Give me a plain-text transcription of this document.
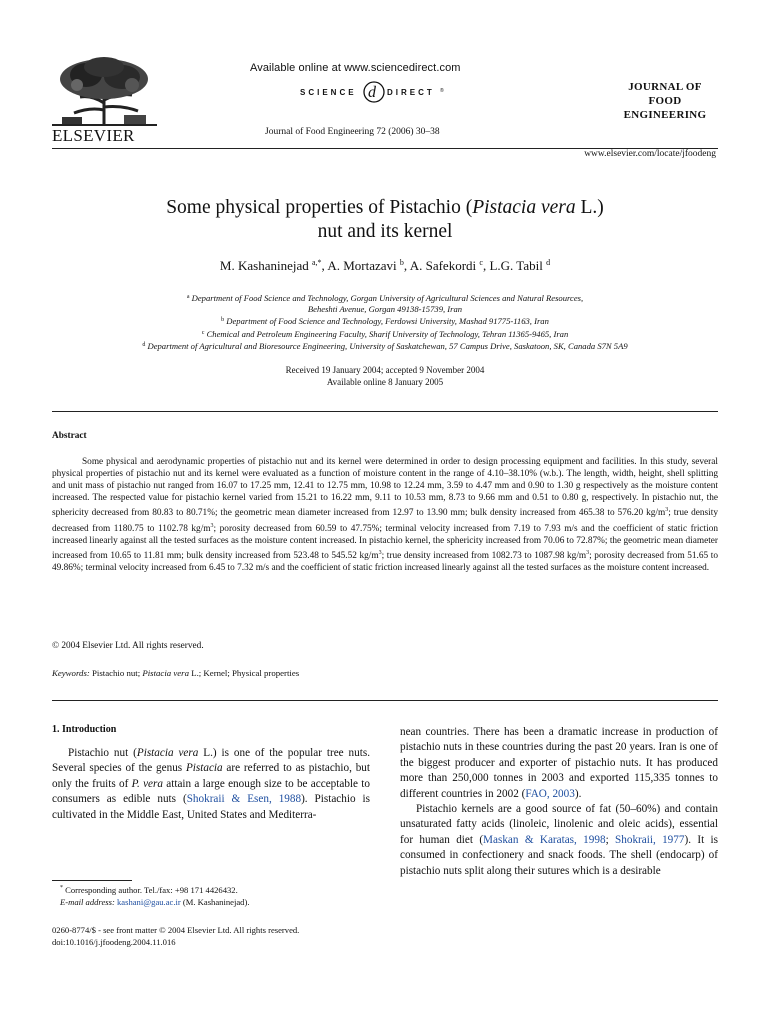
ELSEVIER
Available online at www.sciencedirect.com
SCIENCE d DIRECT ®
Journal of Food Engineering 72 (2006) 30–38
JOURNAL OF
FOOD
ENGINEERING
www.elsevier.com/locate/jfoodeng
Some physical properties of Pistachio (Pistacia vera L.)
nut and its kernel
M. Kashaninejad $^{a,*}$, A. Mortazavi $^b$, A. Safekordi $^c$, L.G. Tabil $^d$
$^a$ Department of Food Science and Technology, Gorgan University of Agricultural Sciences and Natural Resources,
Beheshti Avenue, Gorgan 49138-15739, Iran
$^b$ Department of Food Science and Technology, Ferdowsi University, Mashad 91775-1163, Iran
$^c$ Chemical and Petroleum Engineering Faculty, Sharif University of Technology, Tehran 11365-9465, Iran
$^d$ Department of Agricultural and Bioresource Engineering, University of Saskatchewan, 57 Campus Drive, Saskatoon, SK, Canada S7N 5A9
Received 19 January 2004; accepted 9 November 2004
Available online 8 January 2005
Abstract

Some physical and aerodynamic properties of pistachio nut and its kernel were determined in order to design processing equipment and facilities. In this study, several physical properties of pistachio nut and its kernel were evaluated as a function of moisture content in the range of 4.10–38.10% (w.b.). The length, width, height, shell splitting and unit mass of pistachio nut ranged from 16.07 to 17.25 mm, 12.41 to 12.75 mm, 10.98 to 12.24 mm, 3.59 to 4.47 mm and 0.90 to 1.30 g respectively as the moisture content increased. The respected value for pistachio kernel varied from 15.21 to 16.22 mm, 9.11 to 10.53 mm, 8.73 to 9.66 mm and 0.51 to 0.80 g, respectively. In pistachio nut, the sphericity decreased from 80.83 to 80.71%; the geometric mean diameter increased from 12.97 to 13.90 mm; bulk density increased from 465.38 to 576.20 $kg/m^3$; true density decreased from 1180.75 to 1102.78 $kg/m^3$; porosity decreased from 60.59 to 47.75%; terminal velocity increased from 7.19 to 7.93 m/s and the coefficient of static friction increased linearly against all the tested surfaces as the moisture content increased. In pistachio kernel, the sphericity increased from 70.06 to 72.87%; the geometric mean diameter increased from 10.65 to 11.81 mm; bulk density increased from 523.48 to 545.52 $kg/m^3$; true density increased from 1082.73 to 1087.98 $kg/m^3$; porosity decreased from 51.65 to 49.86%; terminal velocity increased from 6.45 to 7.32 m/s and the coefficient of static friction increased linearly against all the tested surfaces as the moisture content increased.

© 2004 Elsevier Ltd. All rights reserved.
Keywords: Pistachio nut; Pistacia vera L.; Kernel; Physical properties
1. Introduction

Pistachio nut (Pistacia vera L.) is one of the popular tree nuts. Several species of the genus Pistacia are referred to as pistachio, but only the fruits of P. vera attain a large enough size to be acceptable to consumers as edible nuts (Shokraii & Esen, 1988). Pistachio is cultivated in the Middle East, United States and Mediterra-

nean countries. There has been a dramatic increase in production of pistachio nuts in these countries during the past 20 years. Iran is one of the biggest producer and exporter of pistachio nuts. It has produced more than 250,000 tonnes in 2003 and exported 115,335 tonnes to different countries in 2002 (FAO, 2003).

Pistachio kernels are a good source of fat (50–60%) and contain unsaturated fatty acids (linoleic, linolenic and oleic acids), essential for human diet (Maskan & Karatas, 1998; Shokraii, 1977). It is consumed in confectionery and snack foods. The shell (endocarp) of pistachio nuts split along their sutures which is a desirable

* Corresponding author. Tel./fax: +98 171 4426432.
E-mail address: kashani@gau.ac.ir (M. Kashaninejad).
0260-8774/$ - see front matter © 2004 Elsevier Ltd. All rights reserved.
doi:10.1016/j.jfoodeng.2004.11.016
